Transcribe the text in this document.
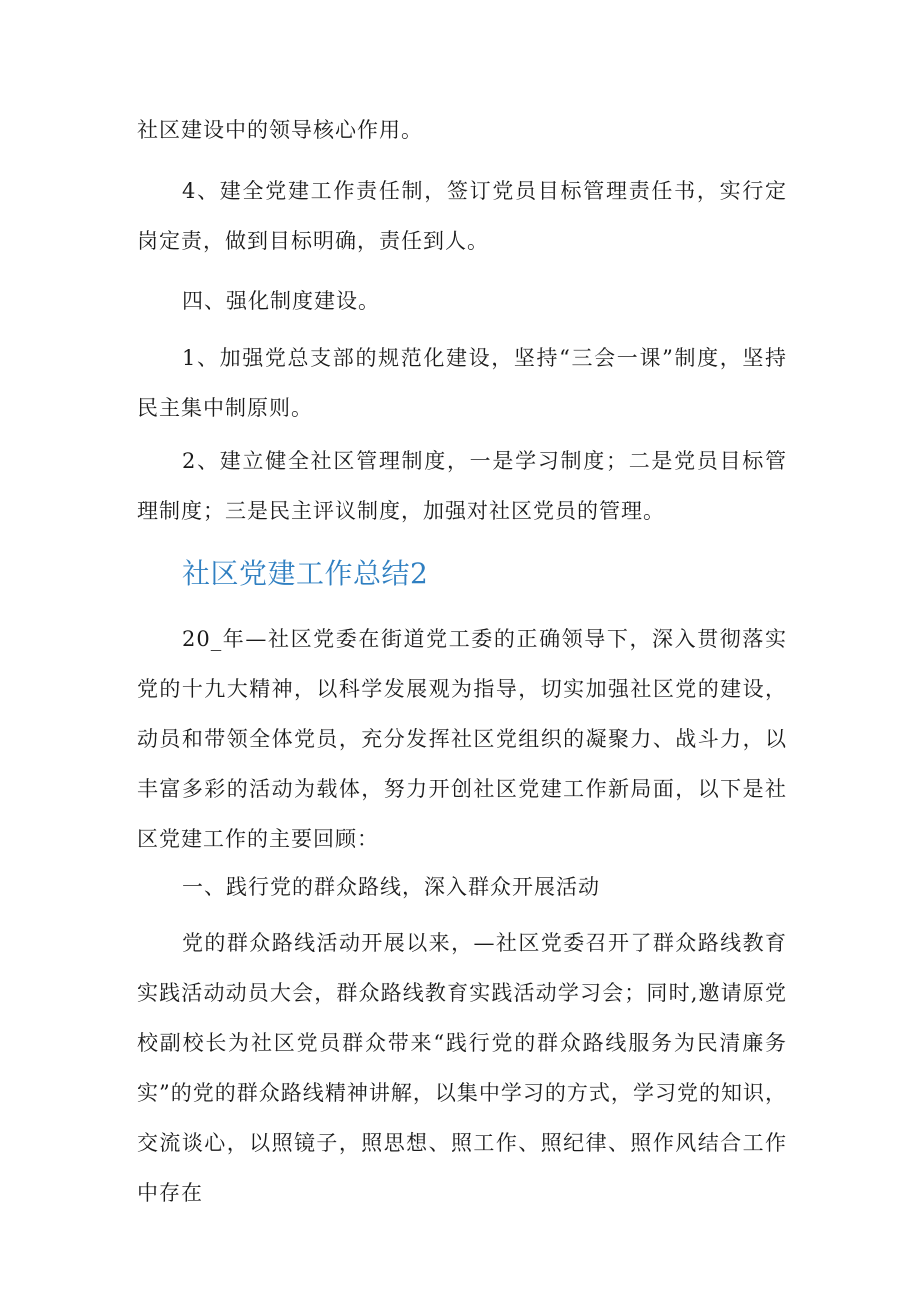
社区建设中的领导核心作用。

4、建全党建工作责任制，签订党员目标管理责任书，实行定岗定责，做到目标明确，责任到人。

四、强化制度建设。

1、加强党总支部的规范化建设，坚持“三会一课”制度，坚持民主集中制原则。

2、建立健全社区管理制度，一是学习制度；二是党员目标管理制度；三是民主评议制度，加强对社区党员的管理。

社区党建工作总结2

20_年—社区党委在街道党工委的正确领导下，深入贯彻落实党的十九大精神，以科学发展观为指导，切实加强社区党的建设，动员和带领全体党员，充分发挥社区党组织的凝聚力、战斗力，以丰富多彩的活动为载体，努力开创社区党建工作新局面，以下是社区党建工作的主要回顾：

一、践行党的群众路线，深入群众开展活动

党的群众路线活动开展以来，—社区党委召开了群众路线教育实践活动动员大会，群众路线教育实践活动学习会；同时,邀请原党校副校长为社区党员群众带来“践行党的群众路线服务为民清廉务实”的党的群众路线精神讲解，以集中学习的方式，学习党的知识，交流谈心，以照镜子，照思想、照工作、照纪律、照作风结合工作中存在
